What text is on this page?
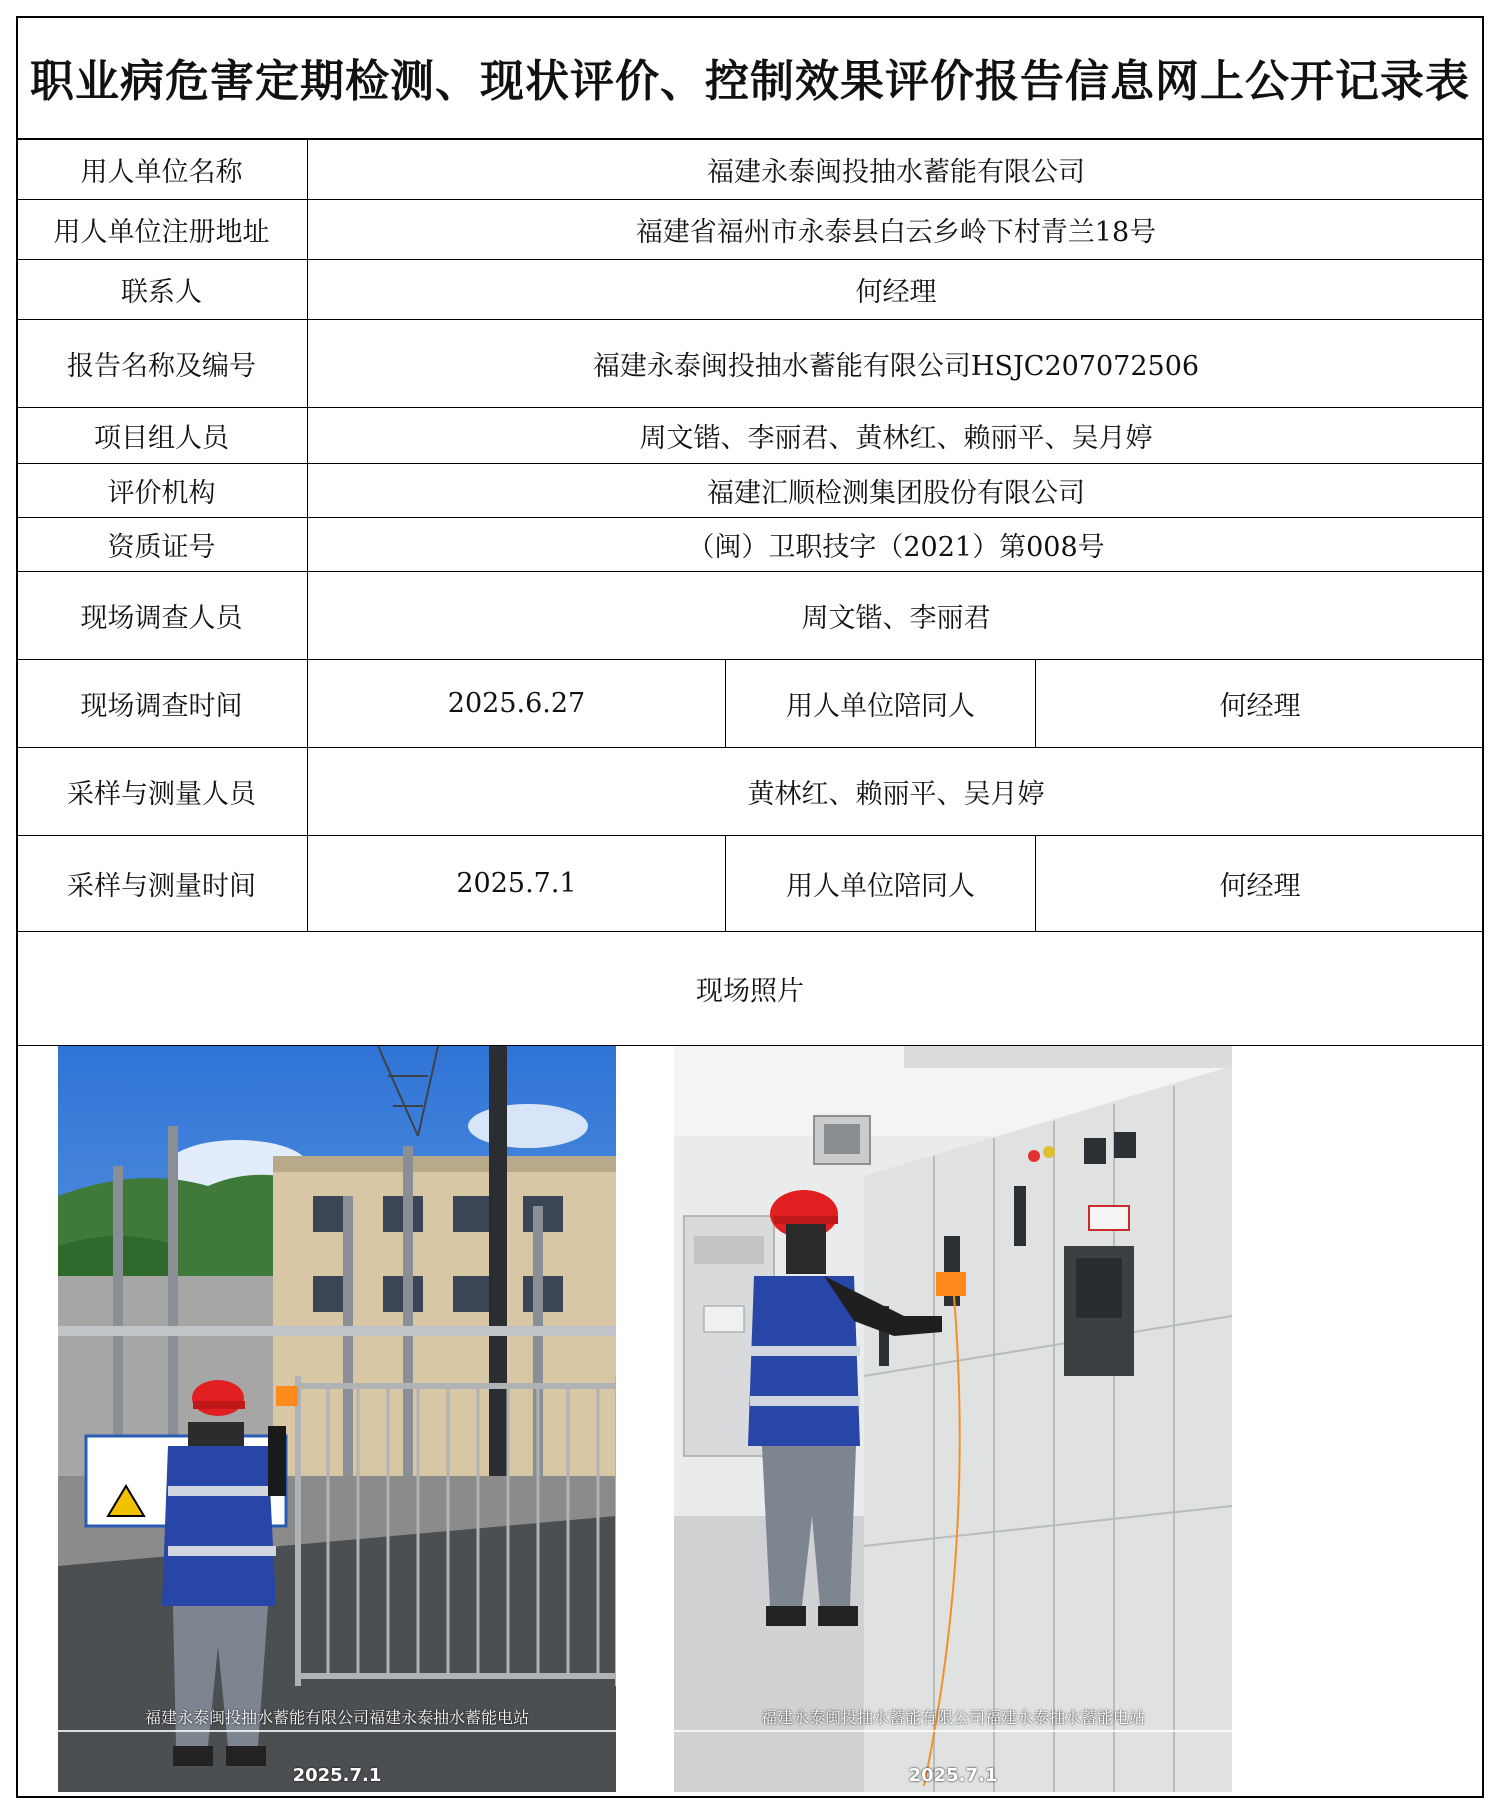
职业病危害定期检测、现状评价、控制效果评价报告信息网上公开记录表
用人单位名称	福建永泰闽投抽水蓄能有限公司
用人单位注册地址	福建省福州市永泰县白云乡岭下村青兰18号
联系人	何经理
报告名称及编号	福建永泰闽投抽水蓄能有限公司HSJC207072506
项目组人员	周文锴、李丽君、黄林红、赖丽平、吴月婷
评价机构	福建汇顺检测集团股份有限公司
资质证号	（闽）卫职技字（2021）第008号
现场调查人员	周文锴、李丽君
现场调查时间	2025.6.27	用人单位陪同人	何经理
采样与测量人员	黄林红、赖丽平、吴月婷
采样与测量时间	2025.7.1	用人单位陪同人	何经理
现场照片
福建永泰闽投抽水蓄能有限公司福建永泰抽水蓄能电站
2025.7.1
福建永泰闽投抽水蓄能有限公司福建永泰抽水蓄能电站
2025.7.1
